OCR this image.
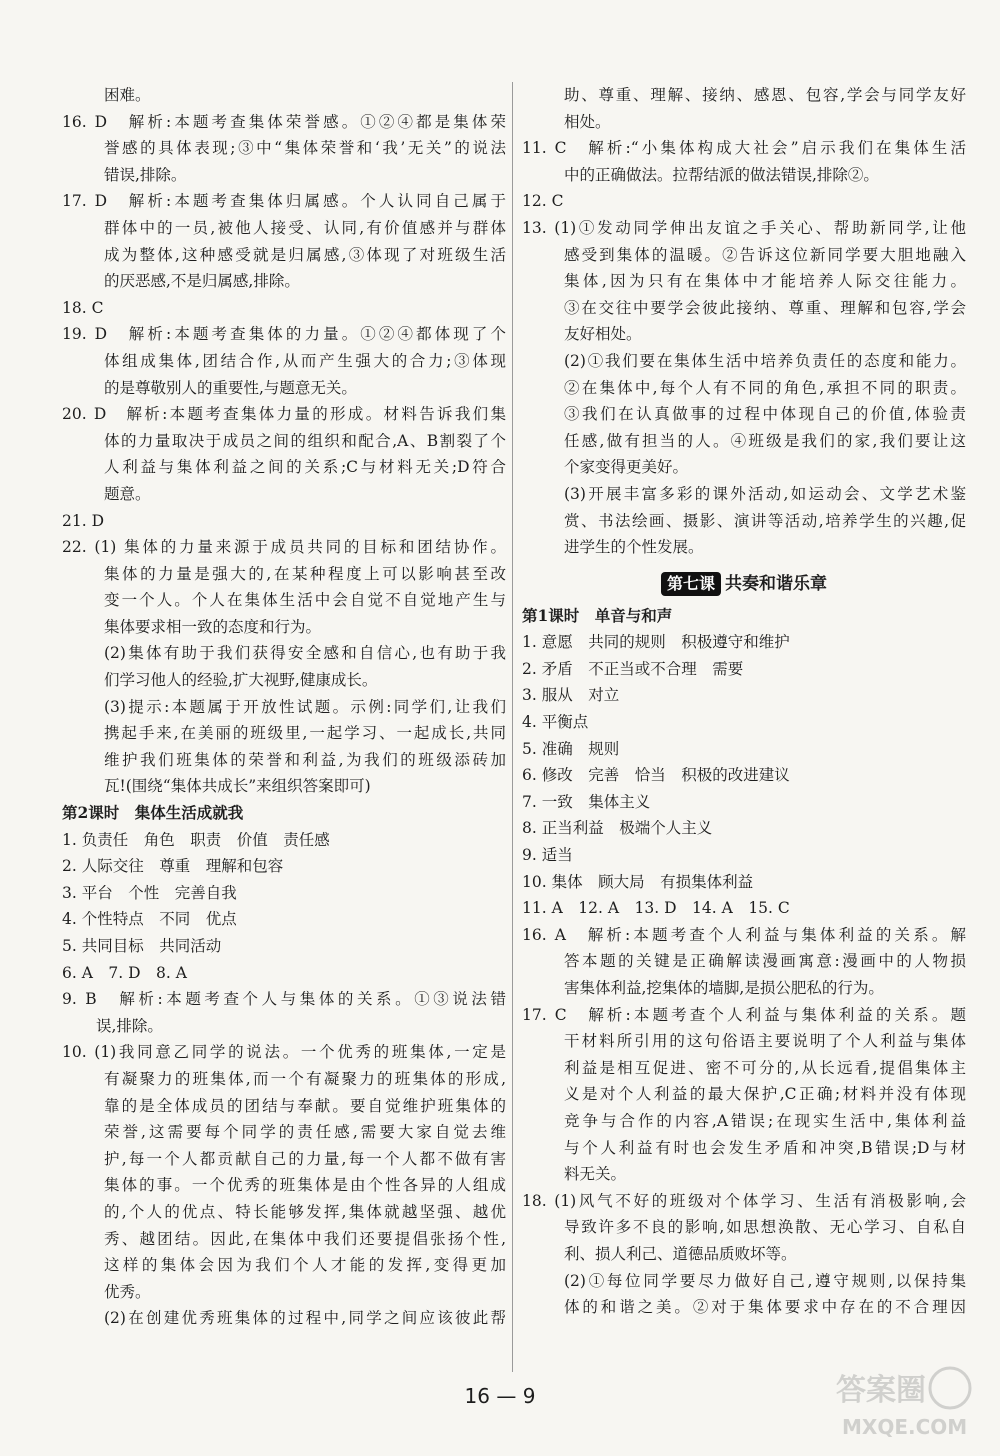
困难。
16. D　解析:本题考查集体荣誉感。①②④都是集体荣
誉感的具体表现;③中“集体荣誉和‘我’无关”的说法
错误,排除。
17. D　解析:本题考查集体归属感。个人认同自己属于
群体中的一员,被他人接受、认同,有价值感并与群体
成为整体,这种感受就是归属感,③体现了对班级生活
的厌恶感,不是归属感,排除。
18. C
19. D　解析:本题考查集体的力量。①②④都体现了个
体组成集体,团结合作,从而产生强大的合力;③体现
的是尊敬别人的重要性,与题意无关。
20. D　解析:本题考查集体力量的形成。材料告诉我们集
体的力量取决于成员之间的组织和配合,A、B割裂了个
人利益与集体利益之间的关系;C与材料无关;D符合
题意。
21. D
22. (1) 集体的力量来源于成员共同的目标和团结协作。
集体的力量是强大的,在某种程度上可以影响甚至改
变一个人。个人在集体生活中会自觉不自觉地产生与
集体要求相一致的态度和行为。
(2)集体有助于我们获得安全感和自信心,也有助于我
们学习他人的经验,扩大视野,健康成长。
(3)提示:本题属于开放性试题。示例:同学们,让我们
携起手来,在美丽的班级里,一起学习、一起成长,共同
维护我们班集体的荣誉和利益,为我们的班级添砖加
瓦!(围绕“集体共成长”来组织答案即可)
第2课时　集体生活成就我
1. 负责任　角色　职责　价值　责任感
2. 人际交往　尊重　理解和包容
3. 平台　个性　完善自我
4. 个性特点　不同　优点
5. 共同目标　共同活动
6. A　7. D　8. A
9. B　解析:本题考查个人与集体的关系。①③说法错
误,排除。
10. (1)我同意乙同学的说法。一个优秀的班集体,一定是
有凝聚力的班集体,而一个有凝聚力的班集体的形成,
靠的是全体成员的团结与奉献。要自觉维护班集体的
荣誉,这需要每个同学的责任感,需要大家自觉去维
护,每一个人都贡献自己的力量,每一个人都不做有害
集体的事。一个优秀的班集体是由个性各异的人组成
的,个人的优点、特长能够发挥,集体就越坚强、越优
秀、越团结。因此,在集体中我们还要提倡张扬个性,
这样的集体会因为我们个人才能的发挥,变得更加
优秀。
(2)在创建优秀班集体的过程中,同学之间应该彼此帮
助、尊重、理解、接纳、感恩、包容,学会与同学友好
相处。
11. C　解析:“小集体构成大社会”启示我们在集体生活
中的正确做法。拉帮结派的做法错误,排除②。
12. C
13. (1)①发动同学伸出友谊之手关心、帮助新同学,让他
感受到集体的温暖。②告诉这位新同学要大胆地融入
集体,因为只有在集体中才能培养人际交往能力。
③在交往中要学会彼此接纳、尊重、理解和包容,学会
友好相处。
(2)①我们要在集体生活中培养负责任的态度和能力。
②在集体中,每个人有不同的角色,承担不同的职责。
③我们在认真做事的过程中体现自己的价值,体验责
任感,做有担当的人。④班级是我们的家,我们要让这
个家变得更美好。
(3)开展丰富多彩的课外活动,如运动会、文学艺术鉴
赏、书法绘画、摄影、演讲等活动,培养学生的兴趣,促
进学生的个性发展。
第七课 共奏和谐乐章
第1课时　单音与和声
1. 意愿　共同的规则　积极遵守和维护
2. 矛盾　不正当或不合理　需要
3. 服从　对立
4. 平衡点
5. 准确　规则
6. 修改　完善　恰当　积极的改进建议
7. 一致　集体主义
8. 正当利益　极端个人主义
9. 适当
10. 集体　顾大局　有损集体利益
11. A　12. A　13. D　14. A　15. C
16. A　解析:本题考查个人利益与集体利益的关系。解
答本题的关键是正确解读漫画寓意:漫画中的人物损
害集体利益,挖集体的墙脚,是损公肥私的行为。
17. C　解析:本题考查个人利益与集体利益的关系。题
干材料所引用的这句俗语主要说明了个人利益与集体
利益是相互促进、密不可分的,从长远看,提倡集体主
义是对个人利益的最大保护,C正确;材料并没有体现
竞争与合作的内容,A错误;在现实生活中,集体利益
与个人利益有时也会发生矛盾和冲突,B错误;D与材
料无关。
18. (1)风气不好的班级对个体学习、生活有消极影响,会
导致许多不良的影响,如思想涣散、无心学习、自私自
利、损人利己、道德品质败坏等。
(2)①每位同学要尽力做好自己,遵守规则,以保持集
体的和谐之美。②对于集体要求中存在的不合理因
16 — 9	答案圈
MXQE.COM
